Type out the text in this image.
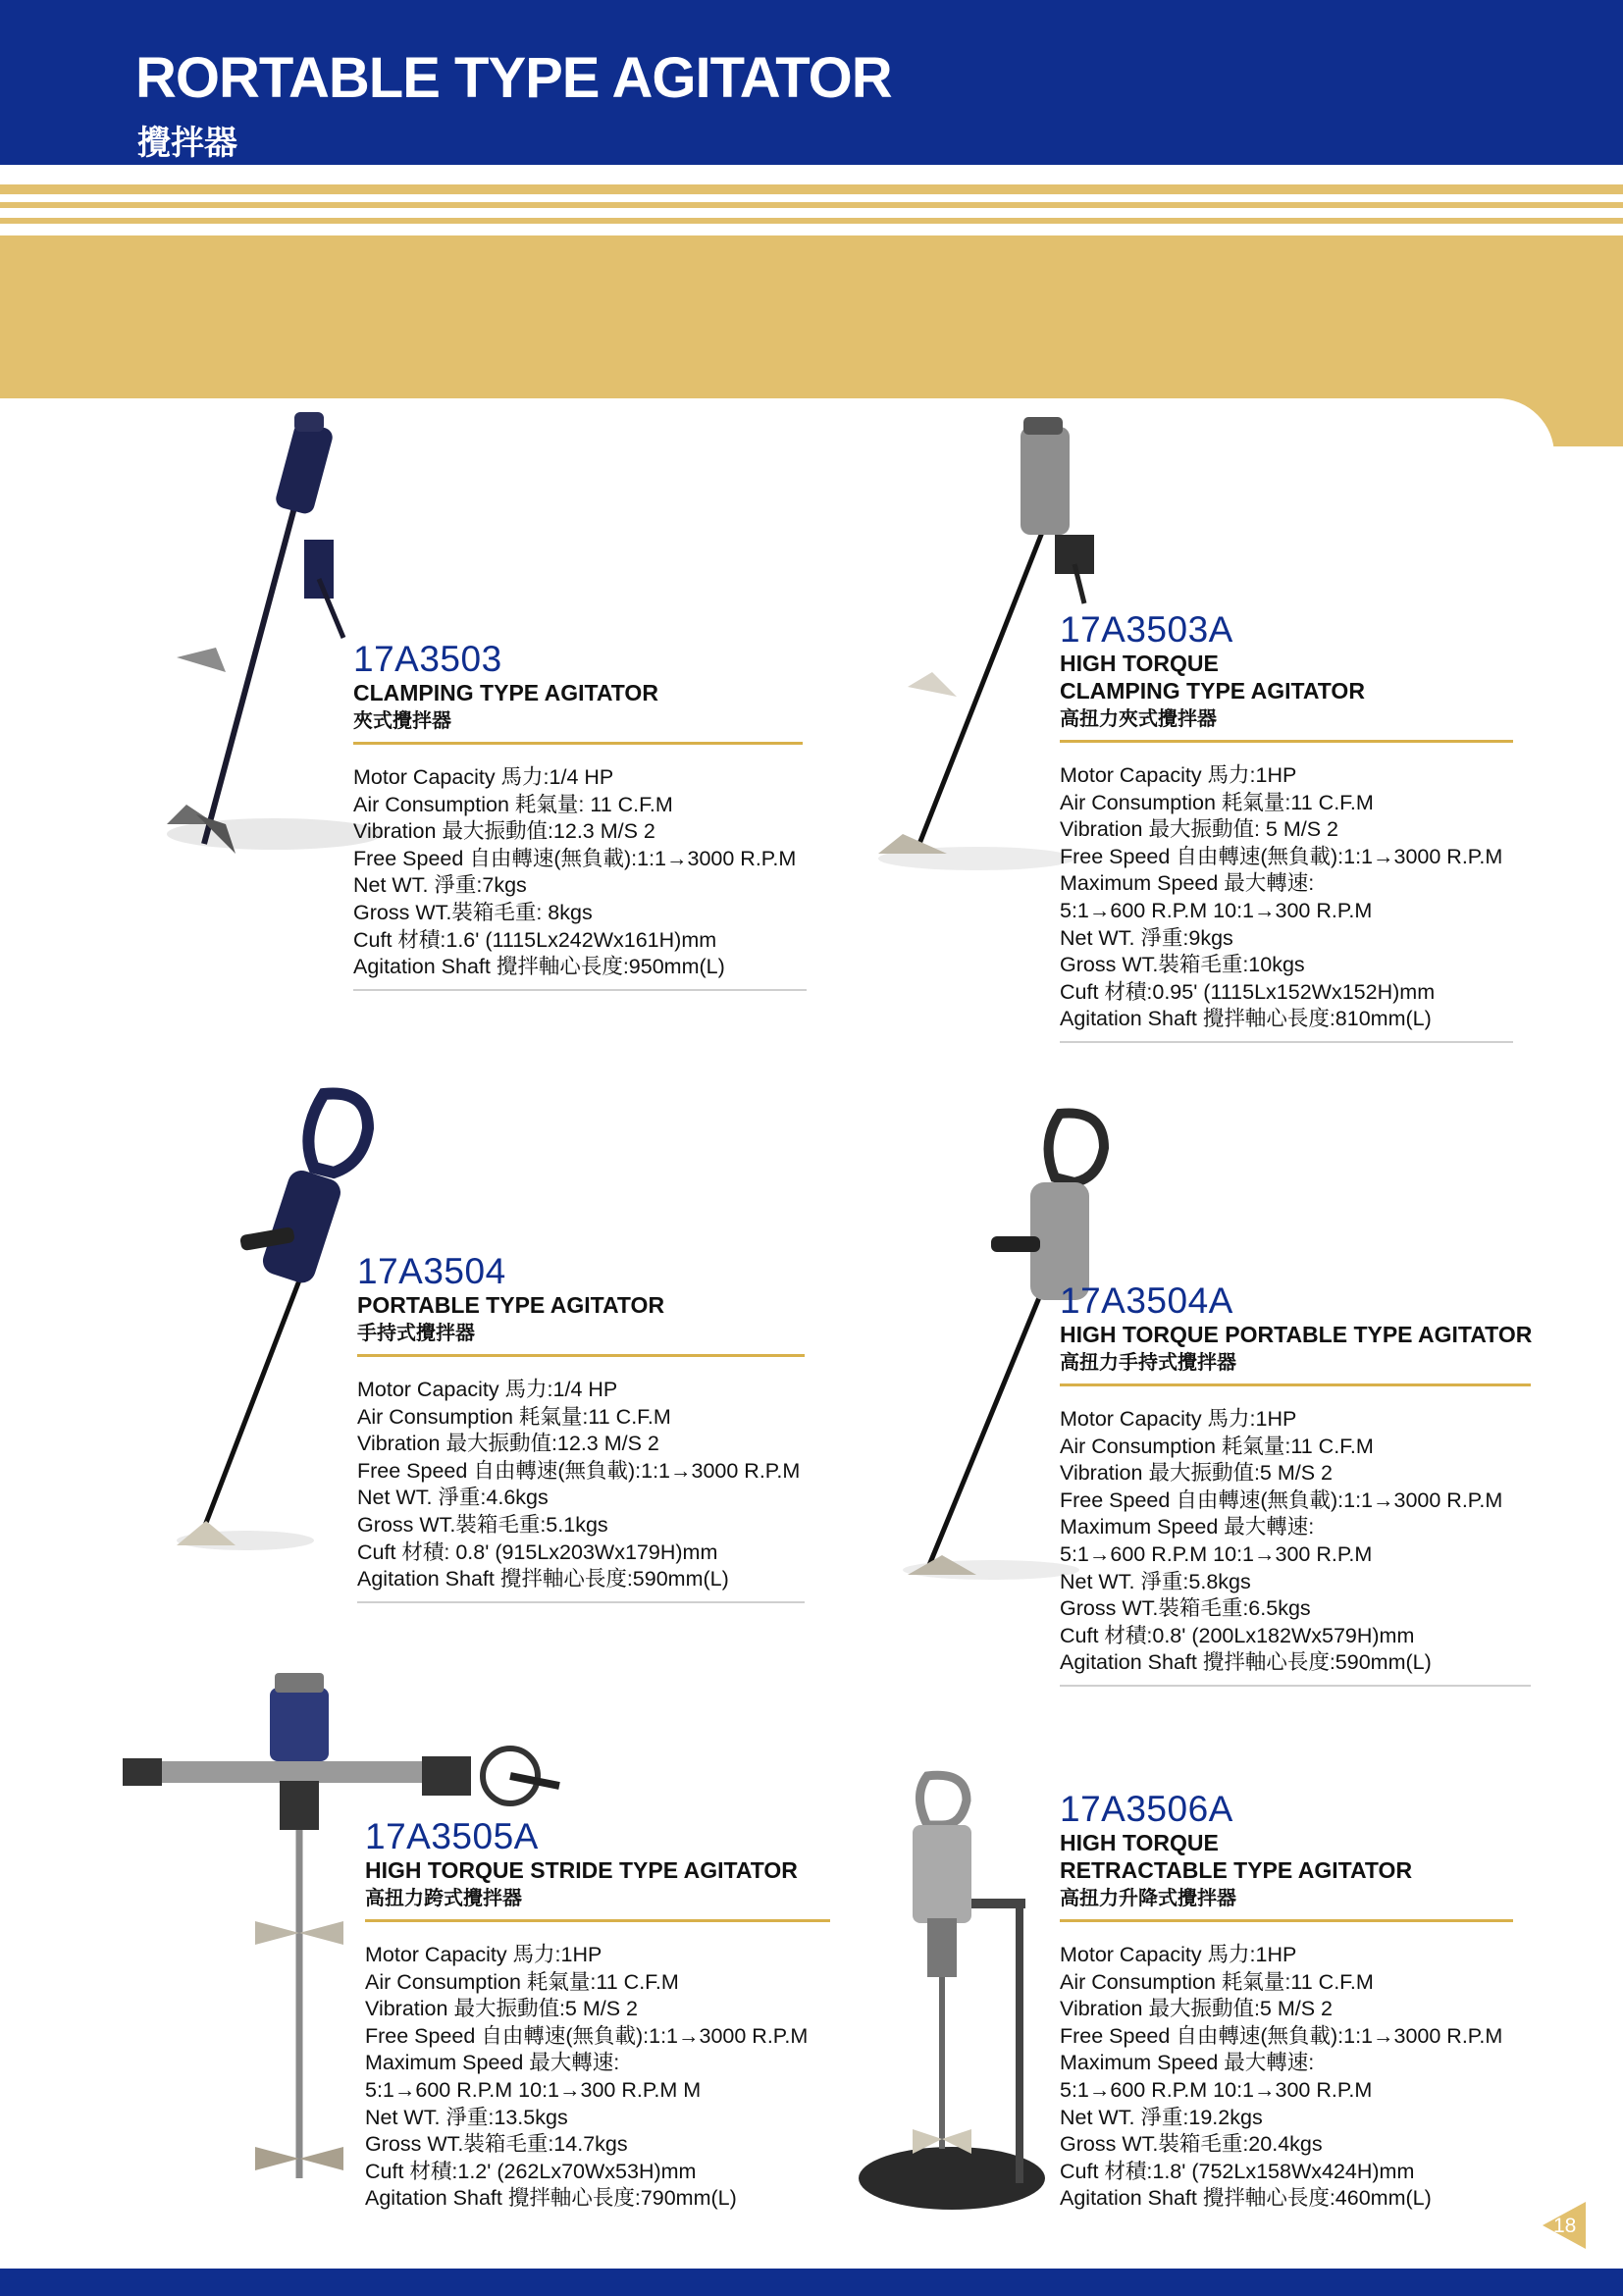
RORTABLE TYPE AGITATOR
攪拌器
17A3503
CLAMPING TYPE AGITATOR
夾式攪拌器
Motor Capacity 馬力:1/4 HP
Air Consumption 耗氣量: 11 C.F.M
Vibration 最大振動值:12.3 M/S 2
Free Speed 自由轉速(無負載):1:1→3000 R.P.M
Net WT. 淨重:7kgs
Gross WT.裝箱毛重: 8kgs
Cuft 材積:1.6' (1115Lx242Wx161H)mm
Agitation Shaft 攪拌軸心長度:950mm(L)
17A3503A
HIGH TORQUE
CLAMPING TYPE AGITATOR
高扭力夾式攪拌器
Motor Capacity 馬力:1HP
Air Consumption 耗氣量:11 C.F.M
Vibration 最大振動值: 5 M/S 2
Free Speed 自由轉速(無負載):1:1→3000 R.P.M
Maximum Speed 最大轉速:
5:1→600 R.P.M 10:1→300 R.P.M
Net WT. 淨重:9kgs
Gross WT.裝箱毛重:10kgs
Cuft 材積:0.95' (1115Lx152Wx152H)mm
Agitation Shaft 攪拌軸心長度:810mm(L)
17A3504
PORTABLE TYPE AGITATOR
手持式攪拌器
Motor Capacity 馬力:1/4 HP
Air Consumption 耗氣量:11 C.F.M
Vibration 最大振動值:12.3 M/S 2
Free Speed 自由轉速(無負載):1:1→3000 R.P.M
Net WT. 淨重:4.6kgs
Gross WT.裝箱毛重:5.1kgs
Cuft 材積: 0.8' (915Lx203Wx179H)mm
Agitation Shaft 攪拌軸心長度:590mm(L)
17A3504A
HIGH TORQUE PORTABLE TYPE AGITATOR
高扭力手持式攪拌器
Motor Capacity 馬力:1HP
Air Consumption 耗氣量:11 C.F.M
Vibration 最大振動值:5 M/S 2
Free Speed 自由轉速(無負載):1:1→3000 R.P.M
Maximum Speed 最大轉速:
5:1→600 R.P.M 10:1→300 R.P.M
Net WT. 淨重:5.8kgs
Gross WT.裝箱毛重:6.5kgs
Cuft 材積:0.8' (200Lx182Wx579H)mm
Agitation Shaft 攪拌軸心長度:590mm(L)
17A3505A
HIGH TORQUE STRIDE TYPE AGITATOR
高扭力跨式攪拌器
Motor Capacity 馬力:1HP
Air Consumption 耗氣量:11 C.F.M
Vibration 最大振動值:5 M/S 2
Free Speed 自由轉速(無負載):1:1→3000 R.P.M
Maximum Speed 最大轉速:
5:1→600 R.P.M 10:1→300 R.P.M M
Net WT. 淨重:13.5kgs
Gross WT.裝箱毛重:14.7kgs
Cuft 材積:1.2' (262Lx70Wx53H)mm
Agitation Shaft 攪拌軸心長度:790mm(L)
17A3506A
HIGH TORQUE
RETRACTABLE TYPE AGITATOR
高扭力升降式攪拌器
Motor Capacity 馬力:1HP
Air Consumption 耗氣量:11 C.F.M
Vibration 最大振動值:5 M/S 2
Free Speed 自由轉速(無負載):1:1→3000 R.P.M
Maximum Speed 最大轉速:
5:1→600 R.P.M 10:1→300 R.P.M
Net WT. 淨重:19.2kgs
Gross WT.裝箱毛重:20.4kgs
Cuft 材積:1.8' (752Lx158Wx424H)mm
Agitation Shaft 攪拌軸心長度:460mm(L)
18
